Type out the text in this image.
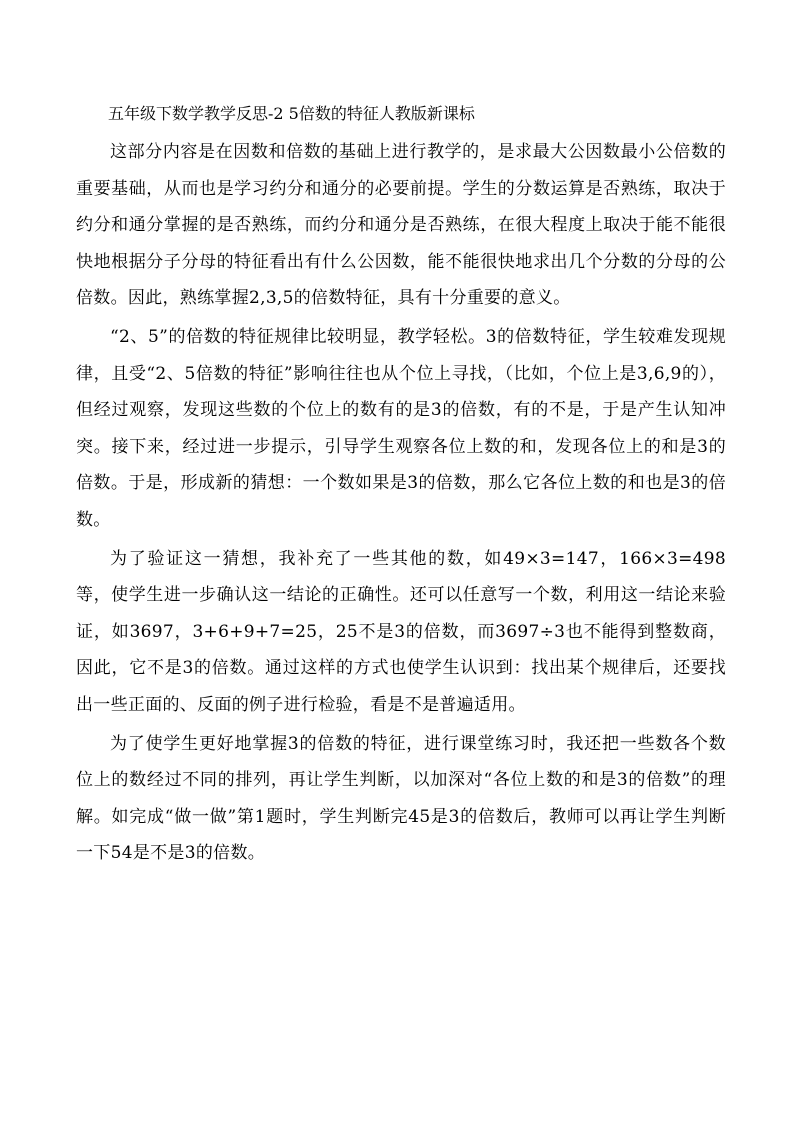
五年级下数学教学反思-2 5倍数的特征人教版新课标

这部分内容是在因数和倍数的基础上进行教学的，是求最大公因数最小公倍数的重要基础，从而也是学习约分和通分的必要前提。学生的分数运算是否熟练，取决于约分和通分掌握的是否熟练，而约分和通分是否熟练，在很大程度上取决于能不能很快地根据分子分母的特征看出有什么公因数，能不能很快地求出几个分数的分母的公倍数。因此，熟练掌握2,3,5的倍数特征，具有十分重要的意义。

“2、5”的倍数的特征规律比较明显，教学轻松。3的倍数特征，学生较难发现规律，且受“2、5倍数的特征”影响往往也从个位上寻找，（比如，个位上是3,6,9的），但经过观察，发现这些数的个位上的数有的是3的倍数，有的不是，于是产生认知冲突。接下来，经过进一步提示，引导学生观察各位上数的和，发现各位上的和是3的倍数。于是，形成新的猜想：一个数如果是3的倍数，那么它各位上数的和也是3的倍数。

为了验证这一猜想，我补充了一些其他的数，如49×3=147，166×3=498等，使学生进一步确认这一结论的正确性。还可以任意写一个数，利用这一结论来验证，如3697，3+6+9+7=25，25不是3的倍数，而3697÷3也不能得到整数商，因此，它不是3的倍数。通过这样的方式也使学生认识到：找出某个规律后，还要找出一些正面的、反面的例子进行检验，看是不是普遍适用。

为了使学生更好地掌握3的倍数的特征，进行课堂练习时，我还把一些数各个数位上的数经过不同的排列，再让学生判断，以加深对“各位上数的和是3的倍数”的理解。如完成“做一做”第1题时，学生判断完45是3的倍数后，教师可以再让学生判断一下54是不是3的倍数。
